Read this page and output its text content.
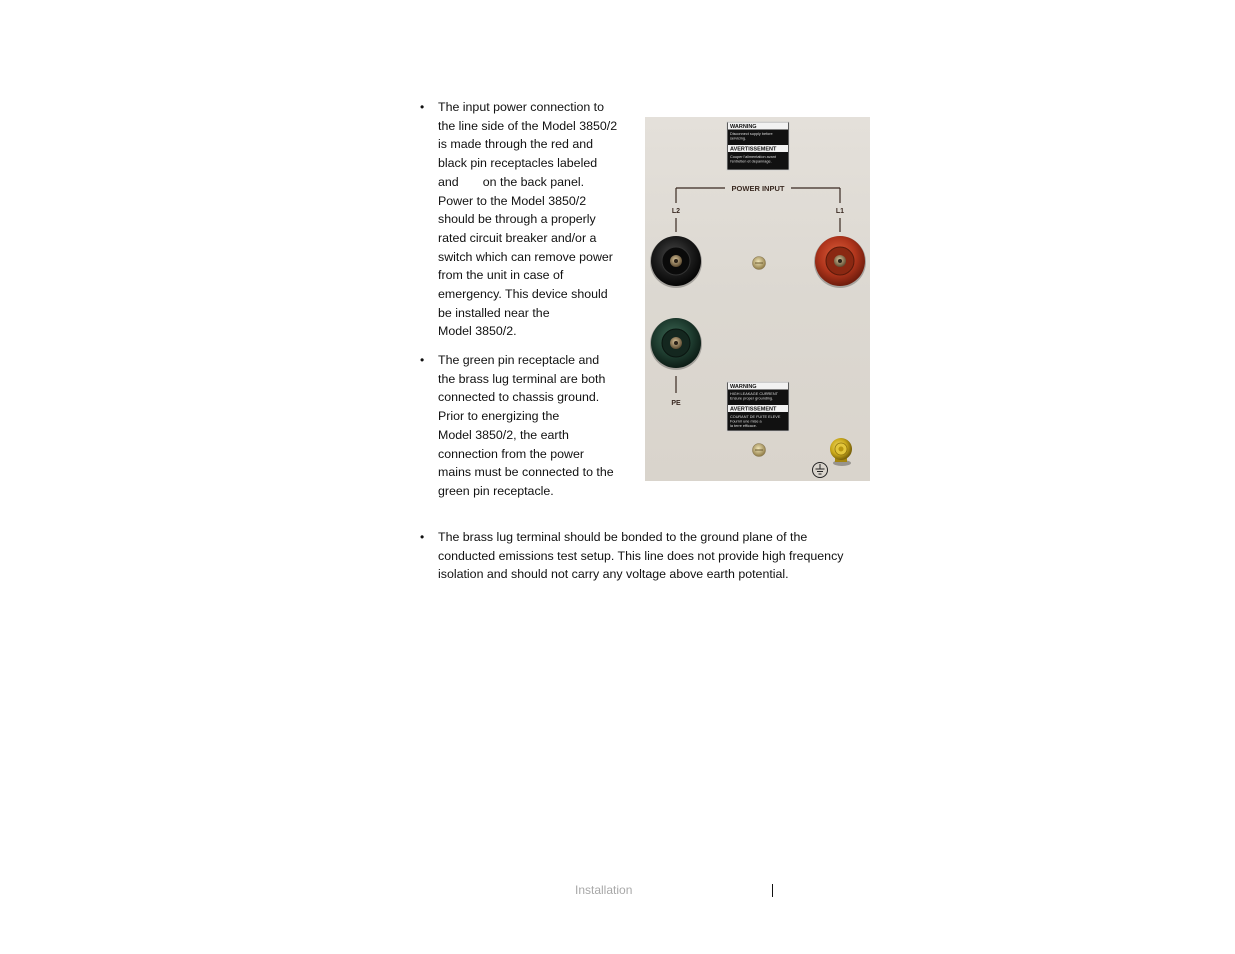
•	The input power connection to
the line side of the Model 3850/2
is made through the red and
black pin receptacles labeled
and       on the back panel.
Power to the Model 3850/2
should be through a properly
rated circuit breaker and/or a
switch which can remove power
from the unit in case of
emergency. This device should
be installed near the
Model 3850/2.
•	The green pin receptacle and
the brass lug terminal are both
connected to chassis ground.
Prior to energizing the
Model 3850/2, the earth
connection from the power
mains must be connected to the
green pin receptacle.
•	The brass lug terminal should be bonded to the ground plane of the
conducted emissions test setup. This line does not provide high frequency
isolation and should not carry any voltage above earth potential.
WARNING
Disconnect supply before
servicing.
AVERTISSEMENT
Couper l'alimentation avant
l'entretien et depannage.
POWER INPUT
L2	L1
PE
WARNING
HIGH LEAKAGE CURRENT
Ensure proper grounding.
AVERTISSEMENT
COURANT DE FUITE ELEVE
Fournir une mise a
la terre efficace.
Installation
